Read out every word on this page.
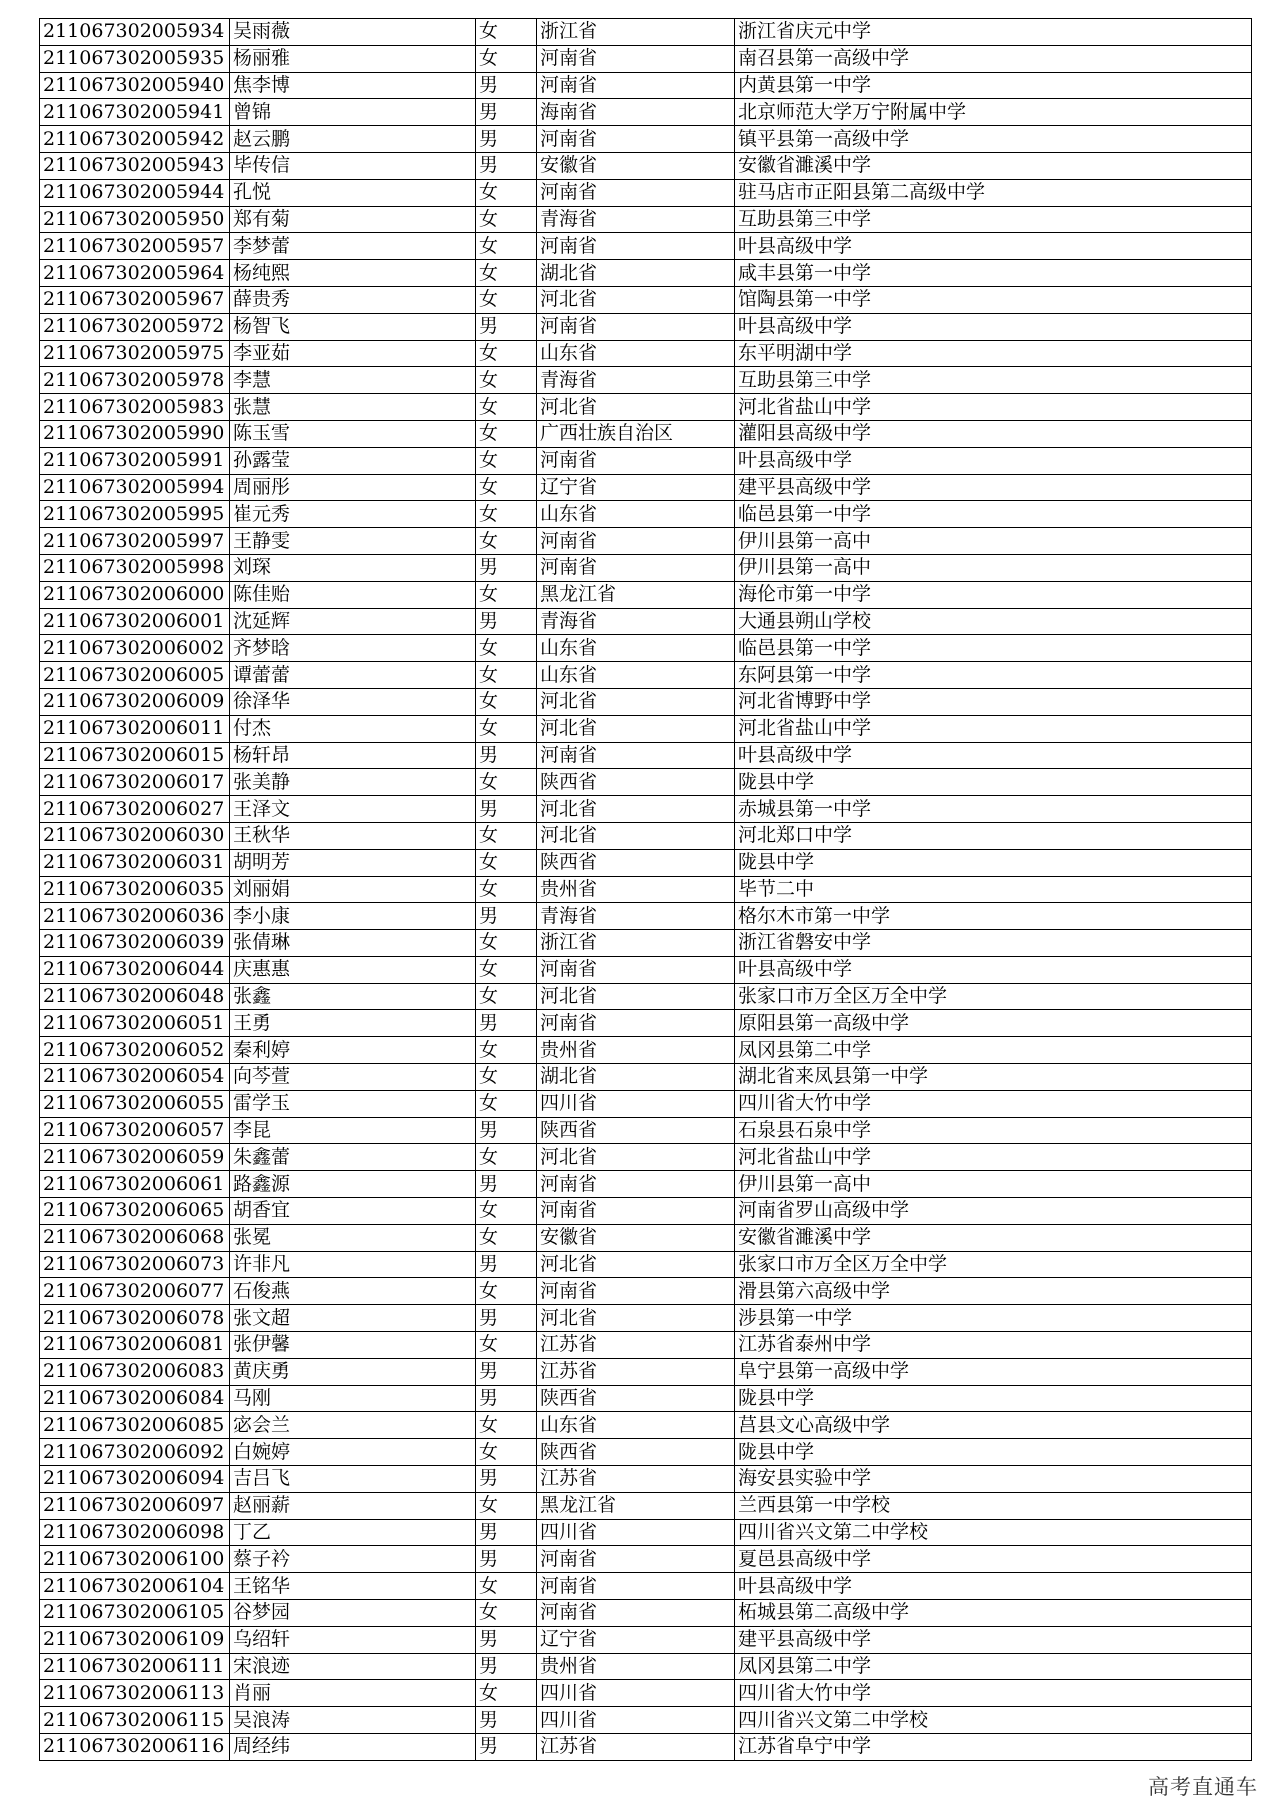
211067302005934	吴雨薇	女	浙江省	浙江省庆元中学
211067302005935	杨丽雅	女	河南省	南召县第一高级中学
211067302005940	焦李博	男	河南省	内黄县第一中学
211067302005941	曾锦	男	海南省	北京师范大学万宁附属中学
211067302005942	赵云鹏	男	河南省	镇平县第一高级中学
211067302005943	毕传信	男	安徽省	安徽省濉溪中学
211067302005944	孔悦	女	河南省	驻马店市正阳县第二高级中学
211067302005950	郑有菊	女	青海省	互助县第三中学
211067302005957	李梦蕾	女	河南省	叶县高级中学
211067302005964	杨纯熙	女	湖北省	咸丰县第一中学
211067302005967	薛贵秀	女	河北省	馆陶县第一中学
211067302005972	杨智飞	男	河南省	叶县高级中学
211067302005975	李亚茹	女	山东省	东平明湖中学
211067302005978	李慧	女	青海省	互助县第三中学
211067302005983	张慧	女	河北省	河北省盐山中学
211067302005990	陈玉雪	女	广西壮族自治区	灌阳县高级中学
211067302005991	孙露莹	女	河南省	叶县高级中学
211067302005994	周丽彤	女	辽宁省	建平县高级中学
211067302005995	崔元秀	女	山东省	临邑县第一中学
211067302005997	王静雯	女	河南省	伊川县第一高中
211067302005998	刘琛	男	河南省	伊川县第一高中
211067302006000	陈佳贻	女	黑龙江省	海伦市第一中学
211067302006001	沈延辉	男	青海省	大通县朔山学校
211067302006002	齐梦晗	女	山东省	临邑县第一中学
211067302006005	谭蕾蕾	女	山东省	东阿县第一中学
211067302006009	徐泽华	女	河北省	河北省博野中学
211067302006011	付杰	女	河北省	河北省盐山中学
211067302006015	杨轩昂	男	河南省	叶县高级中学
211067302006017	张美静	女	陕西省	陇县中学
211067302006027	王泽文	男	河北省	赤城县第一中学
211067302006030	王秋华	女	河北省	河北郑口中学
211067302006031	胡明芳	女	陕西省	陇县中学
211067302006035	刘丽娟	女	贵州省	毕节二中
211067302006036	李小康	男	青海省	格尔木市第一中学
211067302006039	张倩琳	女	浙江省	浙江省磐安中学
211067302006044	庆惠惠	女	河南省	叶县高级中学
211067302006048	张鑫	女	河北省	张家口市万全区万全中学
211067302006051	王勇	男	河南省	原阳县第一高级中学
211067302006052	秦利婷	女	贵州省	凤冈县第二中学
211067302006054	向芩萱	女	湖北省	湖北省来凤县第一中学
211067302006055	雷学玉	女	四川省	四川省大竹中学
211067302006057	李昆	男	陕西省	石泉县石泉中学
211067302006059	朱鑫蕾	女	河北省	河北省盐山中学
211067302006061	路鑫源	男	河南省	伊川县第一高中
211067302006065	胡香宜	女	河南省	河南省罗山高级中学
211067302006068	张冕	女	安徽省	安徽省濉溪中学
211067302006073	许非凡	男	河北省	张家口市万全区万全中学
211067302006077	石俊燕	女	河南省	滑县第六高级中学
211067302006078	张文超	男	河北省	涉县第一中学
211067302006081	张伊馨	女	江苏省	江苏省泰州中学
211067302006083	黄庆勇	男	江苏省	阜宁县第一高级中学
211067302006084	马刚	男	陕西省	陇县中学
211067302006085	宓会兰	女	山东省	莒县文心高级中学
211067302006092	白婉婷	女	陕西省	陇县中学
211067302006094	吉吕飞	男	江苏省	海安县实验中学
211067302006097	赵丽薪	女	黑龙江省	兰西县第一中学校
211067302006098	丁乙	男	四川省	四川省兴文第二中学校
211067302006100	蔡子衿	男	河南省	夏邑县高级中学
211067302006104	王铭华	女	河南省	叶县高级中学
211067302006105	谷梦园	女	河南省	柘城县第二高级中学
211067302006109	乌绍轩	男	辽宁省	建平县高级中学
211067302006111	宋浪迹	男	贵州省	凤冈县第二中学
211067302006113	肖丽	女	四川省	四川省大竹中学
211067302006115	吴浪涛	男	四川省	四川省兴文第二中学校
211067302006116	周经纬	男	江苏省	江苏省阜宁中学
高考直通车
